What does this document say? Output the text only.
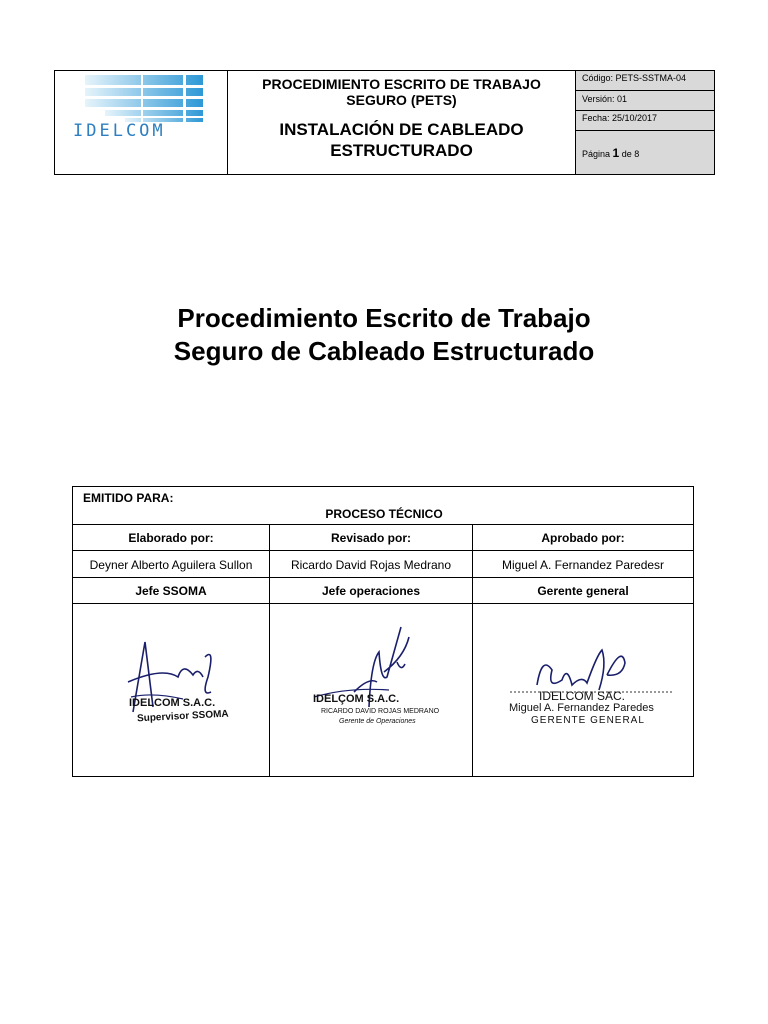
IDELCOM
PROCEDIMIENTO ESCRITO DE TRABAJO SEGURO (PETS)
INSTALACIÓN DE CABLEADO ESTRUCTURADO
Código: PETS-SSTMA-04
Versión: 01
Fecha: 25/10/2017
Página 1 de 8
Procedimiento Escrito de Trabajo
Seguro de Cableado Estructurado
EMITIDO PARA:
PROCESO TÉCNICO
Elaborado por:	Revisado por:	Aprobado por:
Deyner Alberto Aguilera Sullon	Ricardo David Rojas Medrano	Miguel A. Fernandez Paredesr
Jefe SSOMA	Jefe operaciones	Gerente general
IDELCOM S.A.C.
Supervisor SSOMA
IDELÇOM S.A.C.
RICARDO DAVID ROJAS MEDRANO
Gerente de Operaciones
IDELCOM SAC.
Miguel A. Fernandez Paredes
GERENTE GENERAL
